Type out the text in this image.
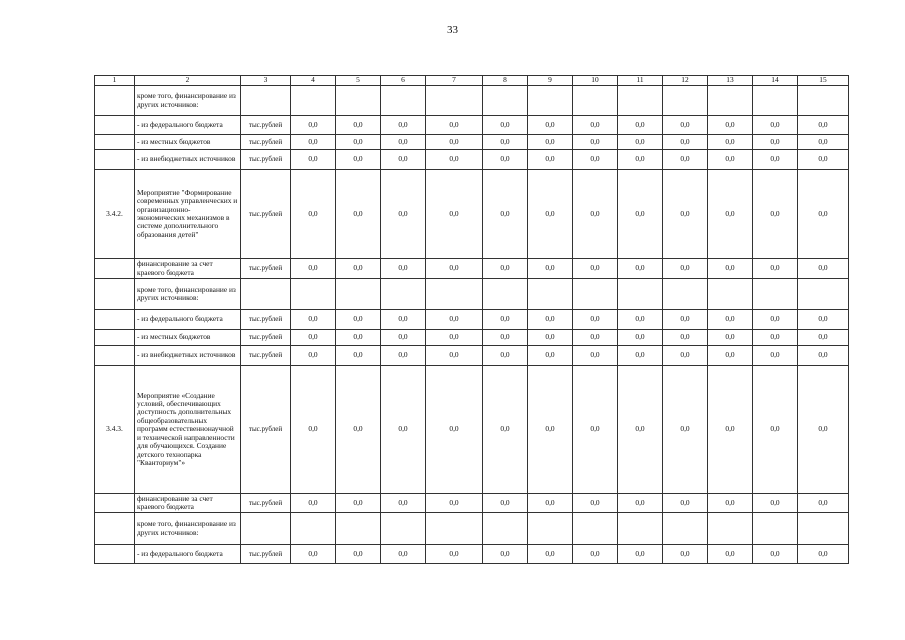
33
1	2	3	4	5	6	7	8	9	10	11	12	13	14	15
	кроме того, финансирование из других источников:													
	- из федерального бюджета	тыс.рублей	0,0	0,0	0,0	0,0	0,0	0,0	0,0	0,0	0,0	0,0	0,0	0,0
	- из местных бюджетов	тыс.рублей	0,0	0,0	0,0	0,0	0,0	0,0	0,0	0,0	0,0	0,0	0,0	0,0
	- из внебюджетных источников	тыс.рублей	0,0	0,0	0,0	0,0	0,0	0,0	0,0	0,0	0,0	0,0	0,0	0,0
3.4.2.	Мероприятие "Формирование современных управленческих и организационно-экономических механизмов в системе дополнительного образования детей"	тыс.рублей	0,0	0,0	0,0	0,0	0,0	0,0	0,0	0,0	0,0	0,0	0,0	0,0
	финансирование за счет краевого бюджета	тыс.рублей	0,0	0,0	0,0	0,0	0,0	0,0	0,0	0,0	0,0	0,0	0,0	0,0
	кроме того, финансирование из других источников:													
	- из федерального бюджета	тыс.рублей	0,0	0,0	0,0	0,0	0,0	0,0	0,0	0,0	0,0	0,0	0,0	0,0
	- из местных бюджетов	тыс.рублей	0,0	0,0	0,0	0,0	0,0	0,0	0,0	0,0	0,0	0,0	0,0	0,0
	- из внебюджетных источников	тыс.рублей	0,0	0,0	0,0	0,0	0,0	0,0	0,0	0,0	0,0	0,0	0,0	0,0
3.4.3.	Мероприятие «Создание условий, обеспечивающих доступность дополнительных общеобразовательных программ естественнонаучной и технической направленности для обучающихся. Создание детского технопарка "Кванториум"»	тыс.рублей	0,0	0,0	0,0	0,0	0,0	0,0	0,0	0,0	0,0	0,0	0,0	0,0
	финансирование за счет краевого бюджета	тыс.рублей	0,0	0,0	0,0	0,0	0,0	0,0	0,0	0,0	0,0	0,0	0,0	0,0
	кроме того, финансирование из других источников:													
	- из федерального бюджета	тыс.рублей	0,0	0,0	0,0	0,0	0,0	0,0	0,0	0,0	0,0	0,0	0,0	0,0
